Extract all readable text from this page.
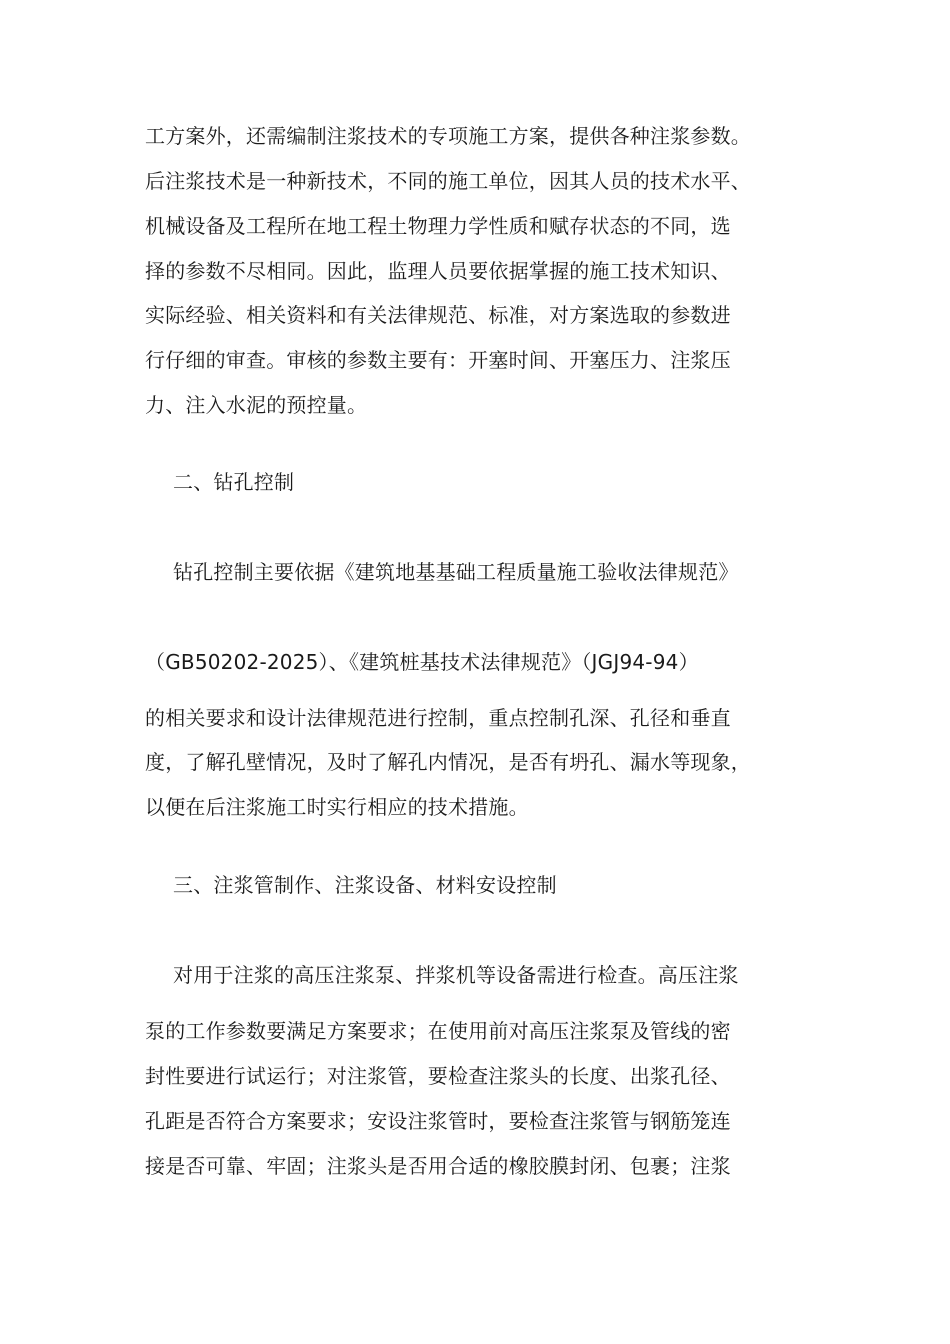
工方案外，还需编制注浆技术的专项施工方案，提供各种注浆参数。
后注浆技术是一种新技术，不同的施工单位，因其人员的技术水平、
机械设备及工程所在地工程土物理力学性质和赋存状态的不同，选
择的参数不尽相同。因此，监理人员要依据掌握的施工技术知识、
实际经验、相关资料和有关法律规范、标准，对方案选取的参数进
行仔细的审查。审核的参数主要有：开塞时间、开塞压力、注浆压
力、注入水泥的预控量。
二、钻孔控制
钻孔控制主要依据《建筑地基基础工程质量施工验收法律规范》
（GB50202-2025）、《建筑桩基技术法律规范》（JGJ94-94）
的相关要求和设计法律规范进行控制，重点控制孔深、孔径和垂直
度，了解孔壁情况，及时了解孔内情况，是否有坍孔、漏水等现象，
以便在后注浆施工时实行相应的技术措施。
三、注浆管制作、注浆设备、材料安设控制
对用于注浆的高压注浆泵、拌浆机等设备需进行检查。高压注浆
泵的工作参数要满足方案要求；在使用前对高压注浆泵及管线的密
封性要进行试运行；对注浆管，要检查注浆头的长度、出浆孔径、
孔距是否符合方案要求；安设注浆管时，要检查注浆管与钢筋笼连
接是否可靠、牢固；注浆头是否用合适的橡胶膜封闭、包裹；注浆
